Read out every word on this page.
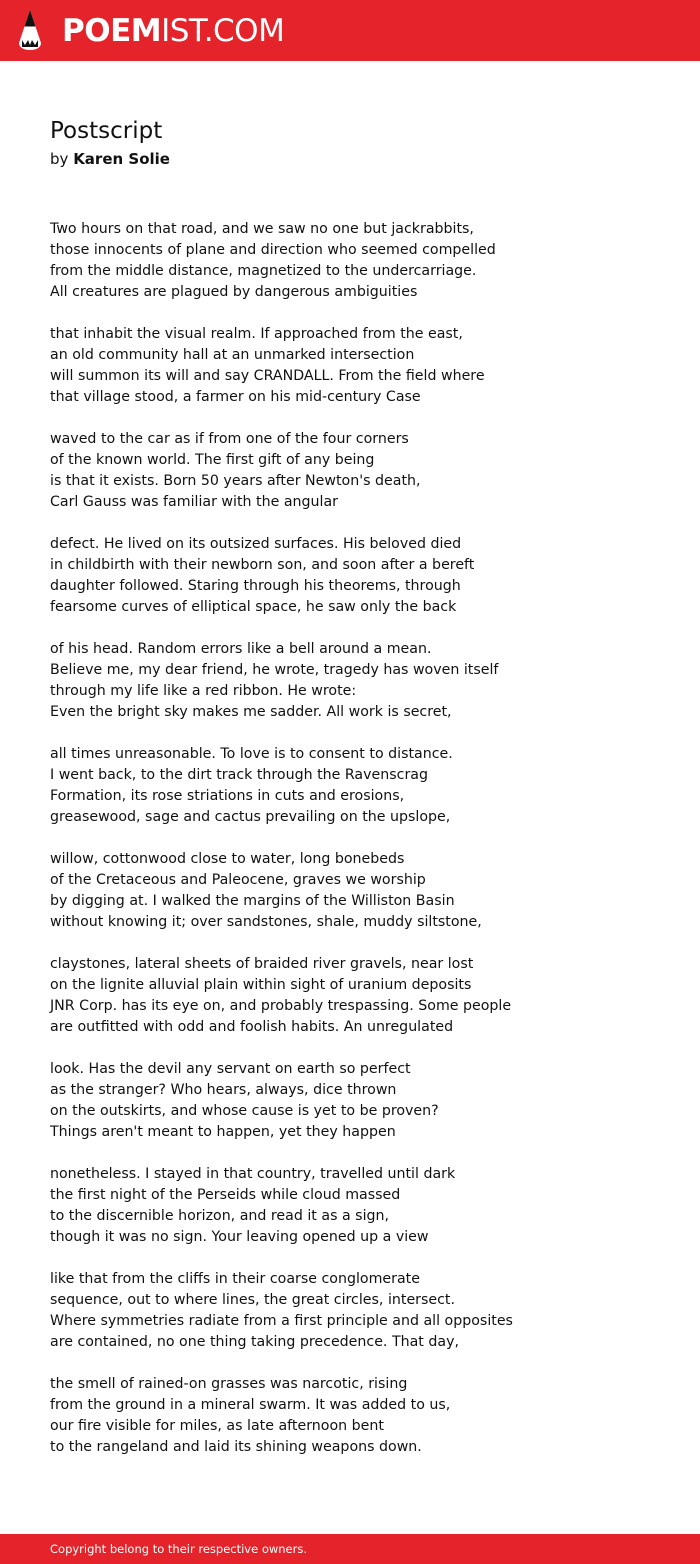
POEMIST.COM
Postscript
by Karen Solie
Two hours on that road, and we saw no one but jackrabbits,
those innocents of plane and direction who seemed compelled
from the middle distance, magnetized to the undercarriage.
All creatures are plagued by dangerous ambiguities
that inhabit the visual realm. If approached from the east,
an old community hall at an unmarked intersection
will summon its will and say CRANDALL. From the field where
that village stood, a farmer on his mid-century Case
waved to the car as if from one of the four corners
of the known world. The first gift of any being
is that it exists. Born 50 years after Newton's death,
Carl Gauss was familiar with the angular
defect. He lived on its outsized surfaces. His beloved died
in childbirth with their newborn son, and soon after a bereft
daughter followed. Staring through his theorems, through
fearsome curves of elliptical space, he saw only the back
of his head. Random errors like a bell around a mean.
Believe me, my dear friend, he wrote, tragedy has woven itself
through my life like a red ribbon. He wrote:
Even the bright sky makes me sadder. All work is secret,
all times unreasonable. To love is to consent to distance.
I went back, to the dirt track through the Ravenscrag
Formation, its rose striations in cuts and erosions,
greasewood, sage and cactus prevailing on the upslope,
willow, cottonwood close to water, long bonebeds
of the Cretaceous and Paleocene, graves we worship
by digging at. I walked the margins of the Williston Basin
without knowing it; over sandstones, shale, muddy siltstone,
claystones, lateral sheets of braided river gravels, near lost
on the lignite alluvial plain within sight of uranium deposits
JNR Corp. has its eye on, and probably trespassing. Some people
are outfitted with odd and foolish habits. An unregulated
look. Has the devil any servant on earth so perfect
as the stranger? Who hears, always, dice thrown
on the outskirts, and whose cause is yet to be proven?
Things aren't meant to happen, yet they happen
nonetheless. I stayed in that country, travelled until dark
the first night of the Perseids while cloud massed
to the discernible horizon, and read it as a sign,
though it was no sign. Your leaving opened up a view
like that from the cliffs in their coarse conglomerate
sequence, out to where lines, the great circles, intersect.
Where symmetries radiate from a first principle and all opposites
are contained, no one thing taking precedence. That day,
the smell of rained-on grasses was narcotic, rising
from the ground in a mineral swarm. It was added to us,
our fire visible for miles, as late afternoon bent
to the rangeland and laid its shining weapons down.
Copyright belong to their respective owners.
